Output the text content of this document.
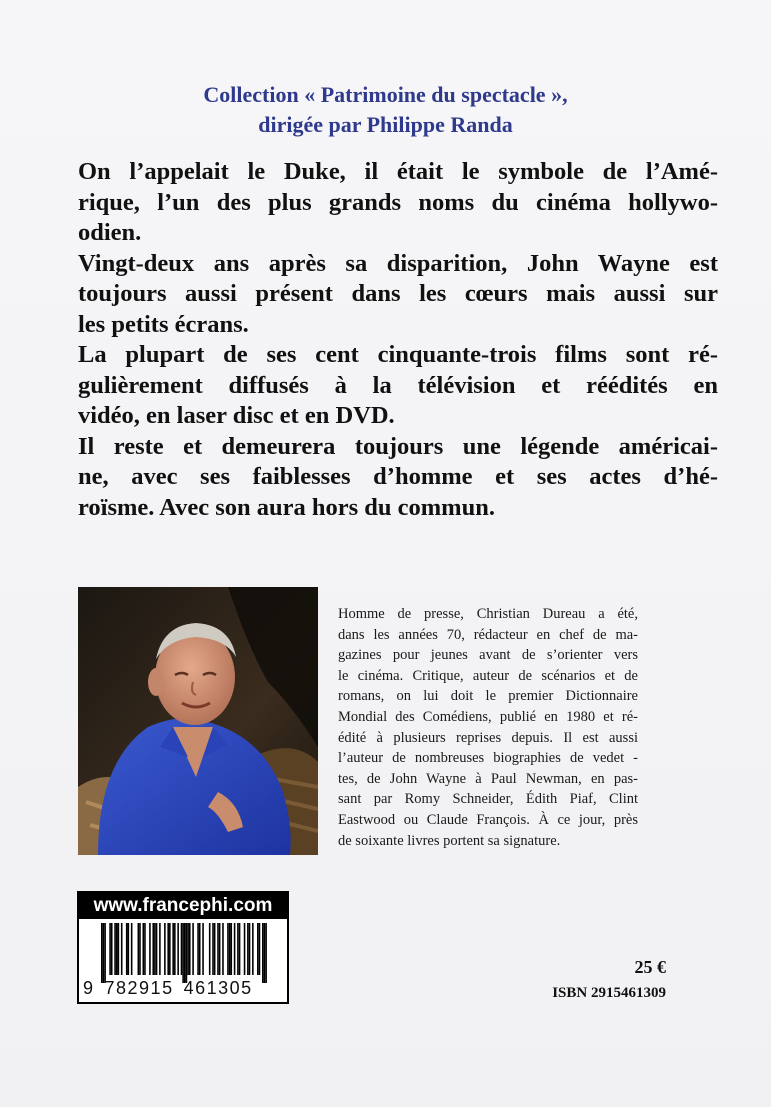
Collection « Patrimoine du spectacle »,
dirigée par Philippe Randa
On l’appelait le Duke, il était le symbole de l’Amé-
rique, l’un des plus grands noms du cinéma hollywo-
odien.
Vingt-deux ans après sa disparition, John Wayne est
toujours aussi présent dans les cœurs mais aussi sur
les petits écrans.
La plupart de ses cent cinquante-trois films sont ré-
gulièrement diffusés à la télévision et réédités en
vidéo, en laser disc et en DVD.
Il reste et demeurera toujours une légende américai-
ne, avec ses faiblesses d’homme et ses actes d’hé-
roïsme. Avec son aura hors du commun.
Homme de presse, Christian Dureau a été,
dans les années 70, rédacteur en chef de ma-
gazines pour jeunes avant de s’orienter vers
le cinéma. Critique, auteur de scénarios et de
romans, on lui doit le premier Dictionnaire
Mondial des Comédiens, publié en 1980 et ré-
édité à plusieurs reprises depuis. Il est aussi
l’auteur de nombreuses biographies de vedet -
tes, de John Wayne à Paul Newman, en pas-
sant par Romy Schneider, Édith Piaf, Clint
Eastwood ou Claude François. À ce jour, près
de soixante livres portent sa signature.
www.francephi.com
9 782915 461305
25 €
ISBN 2915461309
